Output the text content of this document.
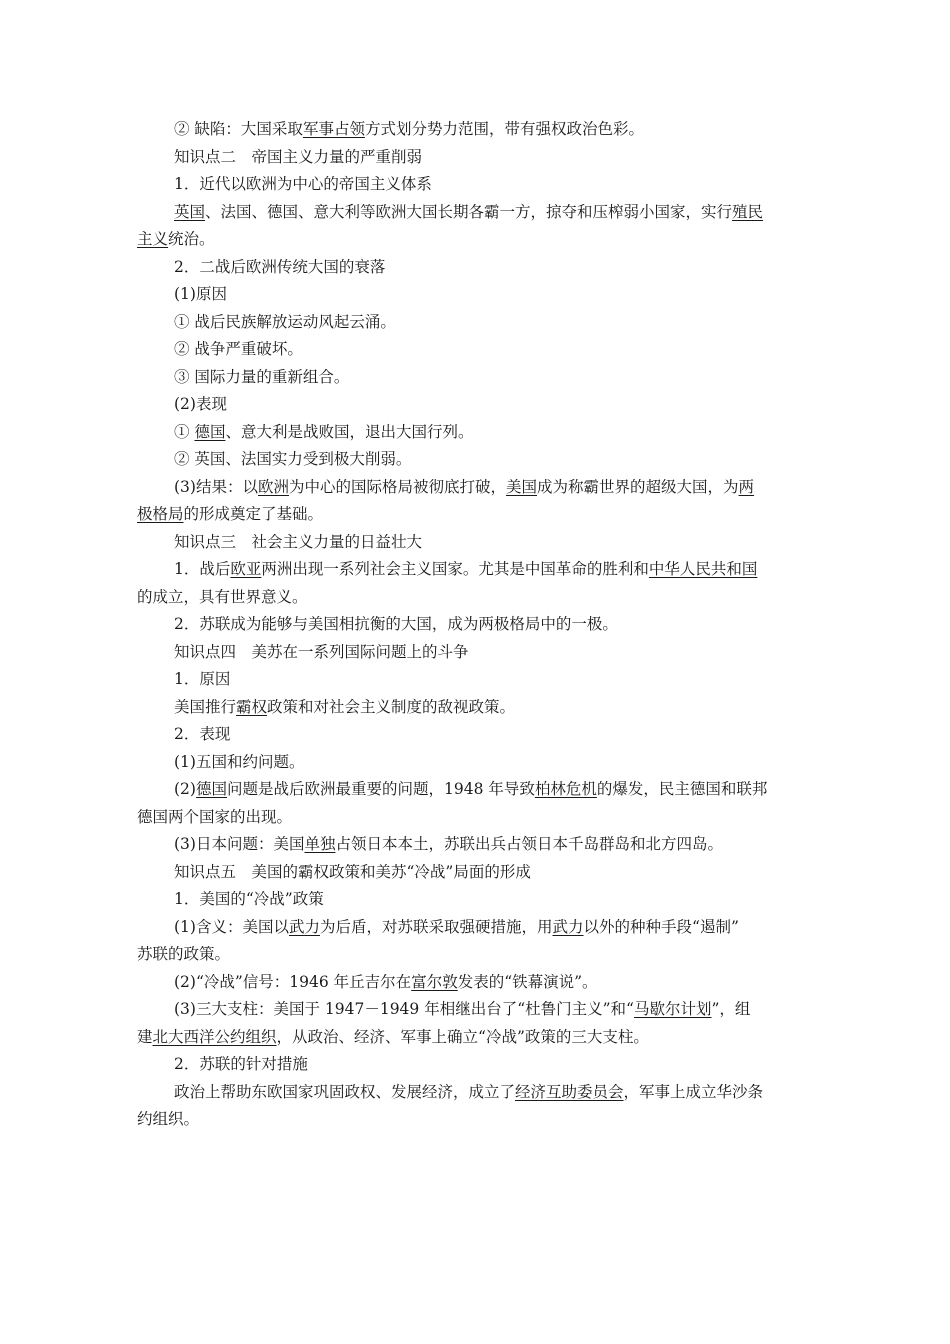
② 缺陷：大国采取军事占领方式划分势力范围，带有强权政治色彩。
知识点二　帝国主义力量的严重削弱
1．近代以欧洲为中心的帝国主义体系
英国、法国、德国、意大利等欧洲大国长期各霸一方，掠夺和压榨弱小国家，实行殖民
主义统治。
2．二战后欧洲传统大国的衰落
(1)原因
① 战后民族解放运动风起云涌。
② 战争严重破坏。
③ 国际力量的重新组合。
(2)表现
① 德国、意大利是战败国，退出大国行列。
② 英国、法国实力受到极大削弱。
(3)结果：以欧洲为中心的国际格局被彻底打破，美国成为称霸世界的超级大国，为两
极格局的形成奠定了基础。
知识点三　社会主义力量的日益壮大
1．战后欧亚两洲出现一系列社会主义国家。尤其是中国革命的胜利和中华人民共和国
的成立，具有世界意义。
2．苏联成为能够与美国相抗衡的大国，成为两极格局中的一极。
知识点四　美苏在一系列国际问题上的斗争
1．原因
美国推行霸权政策和对社会主义制度的敌视政策。
2．表现
(1)五国和约问题。
(2)德国问题是战后欧洲最重要的问题，1948 年导致柏林危机的爆发，民主德国和联邦
德国两个国家的出现。
(3)日本问题：美国单独占领日本本土，苏联出兵占领日本千岛群岛和北方四岛。
知识点五　美国的霸权政策和美苏“冷战”局面的形成
1．美国的“冷战”政策
(1)含义：美国以武力为后盾，对苏联采取强硬措施，用武力以外的种种手段“遏制”
苏联的政策。
(2)“冷战”信号：1946 年丘吉尔在富尔敦发表的“铁幕演说”。
(3)三大支柱：美国于 1947－1949 年相继出台了“杜鲁门主义”和“马歇尔计划”，组
建北大西洋公约组织，从政治、经济、军事上确立“冷战”政策的三大支柱。
2．苏联的针对措施
政治上帮助东欧国家巩固政权、发展经济，成立了经济互助委员会，军事上成立华沙条
约组织。
